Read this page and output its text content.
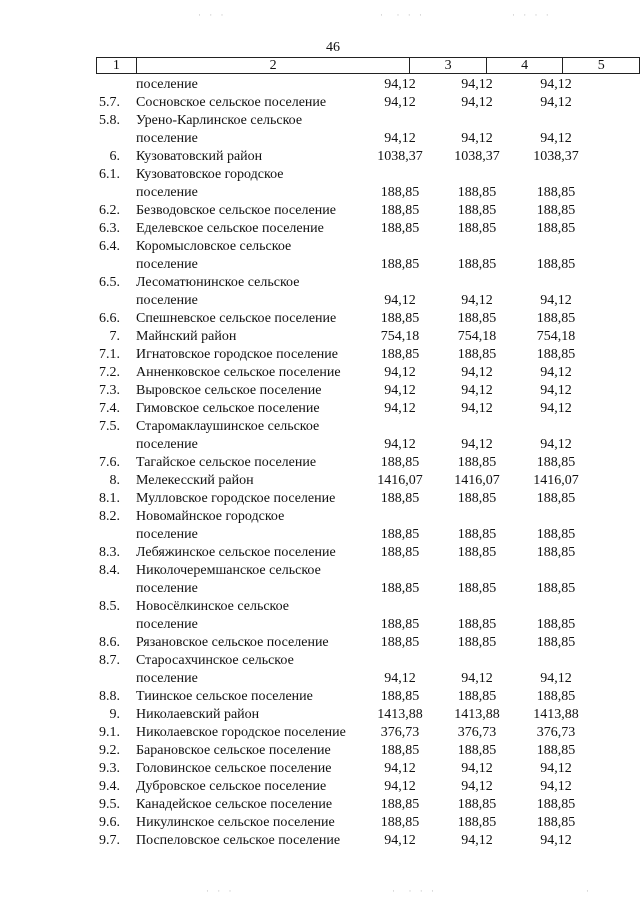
· · ·	·  · · ·	· · · ·
46
1	2	3	4	5
поселение	94,12	94,12	94,12
5.7. Сосновское сельское поселение	94,12	94,12	94,12
5.8. Урено-Карлинское сельское
поселение	94,12	94,12	94,12
6. Кузоватовский район	1038,37	1038,37	1038,37
6.1. Кузоватовское городское
поселение	188,85	188,85	188,85
6.2. Безводовское сельское поселение	188,85	188,85	188,85
6.3. Еделевское сельское поселение	188,85	188,85	188,85
6.4. Коромысловское сельское
поселение	188,85	188,85	188,85
6.5. Лесоматюнинское сельское
поселение	94,12	94,12	94,12
6.6. Спешневское сельское поселение	188,85	188,85	188,85
7. Майнский район	754,18	754,18	754,18
7.1. Игнатовское городское поселение	188,85	188,85	188,85
7.2. Анненковское сельское поселение	94,12	94,12	94,12
7.3. Выровское сельское поселение	94,12	94,12	94,12
7.4. Гимовское сельское поселение	94,12	94,12	94,12
7.5. Старомаклаушинское сельское
поселение	94,12	94,12	94,12
7.6. Тагайское сельское поселение	188,85	188,85	188,85
8. Мелекесский район	1416,07	1416,07	1416,07
8.1. Мулловское городское поселение	188,85	188,85	188,85
8.2. Новомайнское городское
поселение	188,85	188,85	188,85
8.3. Лебяжинское сельское поселение	188,85	188,85	188,85
8.4. Николочеремшанское сельское
поселение	188,85	188,85	188,85
8.5. Новосёлкинское сельское
поселение	188,85	188,85	188,85
8.6. Рязановское сельское поселение	188,85	188,85	188,85
8.7. Старосахчинское сельское
поселение	94,12	94,12	94,12
8.8. Тиинское сельское поселение	188,85	188,85	188,85
9. Николаевский район	1413,88	1413,88	1413,88
9.1. Николаевское городское поселение	376,73	376,73	376,73
9.2. Барановское сельское поселение	188,85	188,85	188,85
9.3. Головинское сельское поселение	94,12	94,12	94,12
9.4. Дубровское сельское поселение	94,12	94,12	94,12
9.5. Канадейское сельское поселение	188,85	188,85	188,85
9.6. Никулинское сельское поселение	188,85	188,85	188,85
9.7. Поспеловское сельское поселение	94,12	94,12	94,12
· · ·	·  · · ·	·
